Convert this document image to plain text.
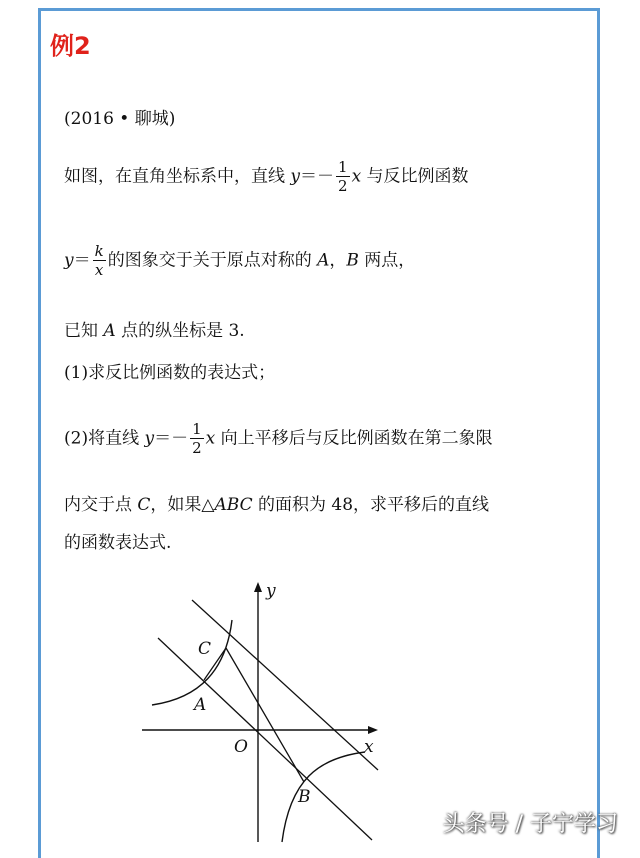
例2
(2016 • 聊城)
如图，在直角坐标系中，直线 $y=- \frac{1}{2}$ x 与反比例函数
$y= \frac{k}{x}$ 的图象交于关于原点对称的 A，B 两点，
已知 A 点的纵坐标是 3.
(1)求反比例函数的表达式；
(2)将直线 $y=- \frac{1}{2}$ x 向上平移后与反比例函数在第二象限
内交于点 C，如果△ABC 的面积为 48，求平移后的直线
的函数表达式.
y
x
O
A
B
C
头条号 / 子宁学习
